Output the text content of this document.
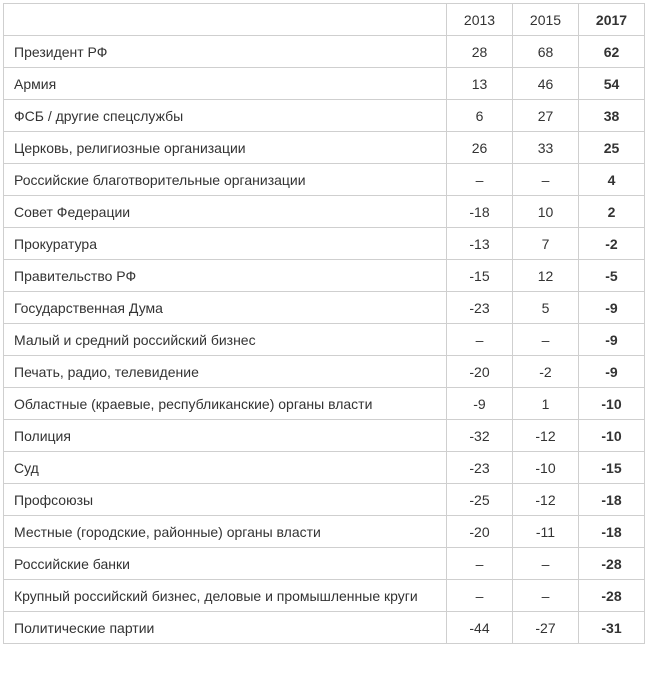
	2013	2015	2017
Президент РФ	28	68	62
Армия	13	46	54
ФСБ / другие спецслужбы	6	27	38
Церковь, религиозные организации	26	33	25
Российские благотворительные организации	–	–	4
Совет Федерации	-18	10	2
Прокуратура	-13	7	-2
Правительство РФ	-15	12	-5
Государственная Дума	-23	5	-9
Малый и средний российский бизнес	–	–	-9
Печать, радио, телевидение	-20	-2	-9
Областные (краевые, республиканские) органы власти	-9	1	-10
Полиция	-32	-12	-10
Суд	-23	-10	-15
Профсоюзы	-25	-12	-18
Местные (городские, районные) органы власти	-20	-11	-18
Российские банки	–	–	-28
Крупный российский бизнес, деловые и промышленные круги	–	–	-28
Политические партии	-44	-27	-31
